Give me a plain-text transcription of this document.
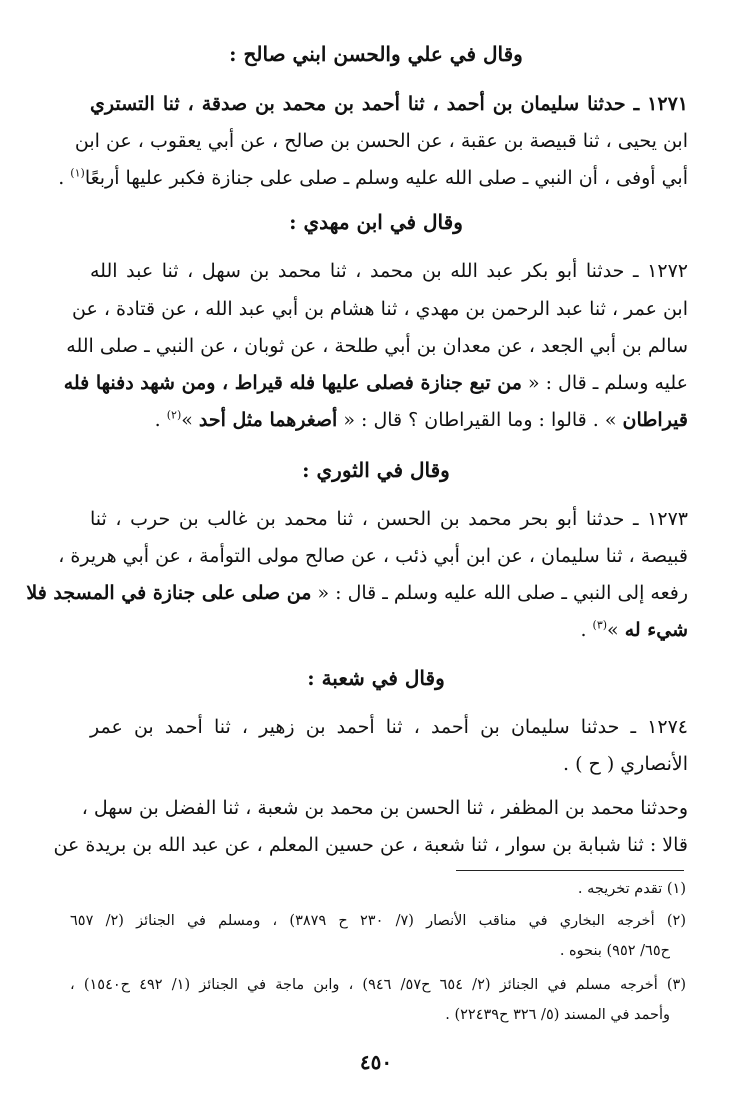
وقال في علي والحسن ابني صالح :
١٢٧١ ـ حدثنا سليمان بن أحمد ، ثنا أحمد بن محمد بن صدقة ، ثنا التستري
ابن يحيى ، ثنا قبيصة بن عقبة ، عن الحسن بن صالح ، عن أبي يعقوب ، عن ابن
أبي أوفى ، أن النبي ـ صلى الله عليه وسلم ـ صلى على جنازة فكبر عليها أربعًا$^{(١)}$ .
وقال في ابن مهدي :
١٢٧٢ ـ حدثنا أبو بكر عبد الله بن محمد ، ثنا محمد بن سهل ، ثنا عبد الله
ابن عمر ، ثنا عبد الرحمن بن مهدي ، ثنا هشام بن أبي عبد الله ، عن قتادة ، عن
سالم بن أبي الجعد ، عن معدان بن أبي طلحة ، عن ثوبان ، عن النبي ـ صلى الله
عليه وسلم ـ قال : « من تبع جنازة فصلى عليها فله قيراط ، ومن شهد دفنها فله
قيراطان » . قالوا : وما القيراطان ؟ قال : « أصغرهما مثل أحد »$^{(٢)}$ .
وقال في الثوري :
١٢٧٣ ـ حدثنا أبو بحر محمد بن الحسن ، ثنا محمد بن غالب بن حرب ، ثنا
قبيصة ، ثنا سليمان ، عن ابن أبي ذئب ، عن صالح مولى التوأمة ، عن أبي هريرة ،
رفعه إلى النبي ـ صلى الله عليه وسلم ـ قال : « من صلى على جنازة في المسجد فلا
شيء له »$^{(٣)}$ .
وقال في شعبة :
١٢٧٤ ـ حدثنا سليمان بن أحمد ، ثنا أحمد بن زهير ، ثنا أحمد بن عمر
الأنصاري ( ح ) .
وحدثنا محمد بن المظفر ، ثنا الحسن بن محمد بن شعبة ، ثنا الفضل بن سهل ،
قالا : ثنا شبابة بن سوار ، ثنا شعبة ، عن حسين المعلم ، عن عبد الله بن بريدة عن
(١) تقدم تخريجه .
(٢) أخرجه البخاري في مناقب الأنصار (٧/ ٢٣٠ ح ٣٨٧٩) ، ومسلم في الجنائز (٢/ ٦٥٧
ح٦٥/ ٩٥٢) بنحوه .
(٣) أخرجه مسلم في الجنائز (٢/ ٦٥٤ ح٥٧/ ٩٤٦) ، وابن ماجة في الجنائز (١/ ٤٩٢ ح١٥٤٠) ،
وأحمد في المسند (٥/ ٣٢٦ ح٢٢٤٣٩) .
٤٥٠
